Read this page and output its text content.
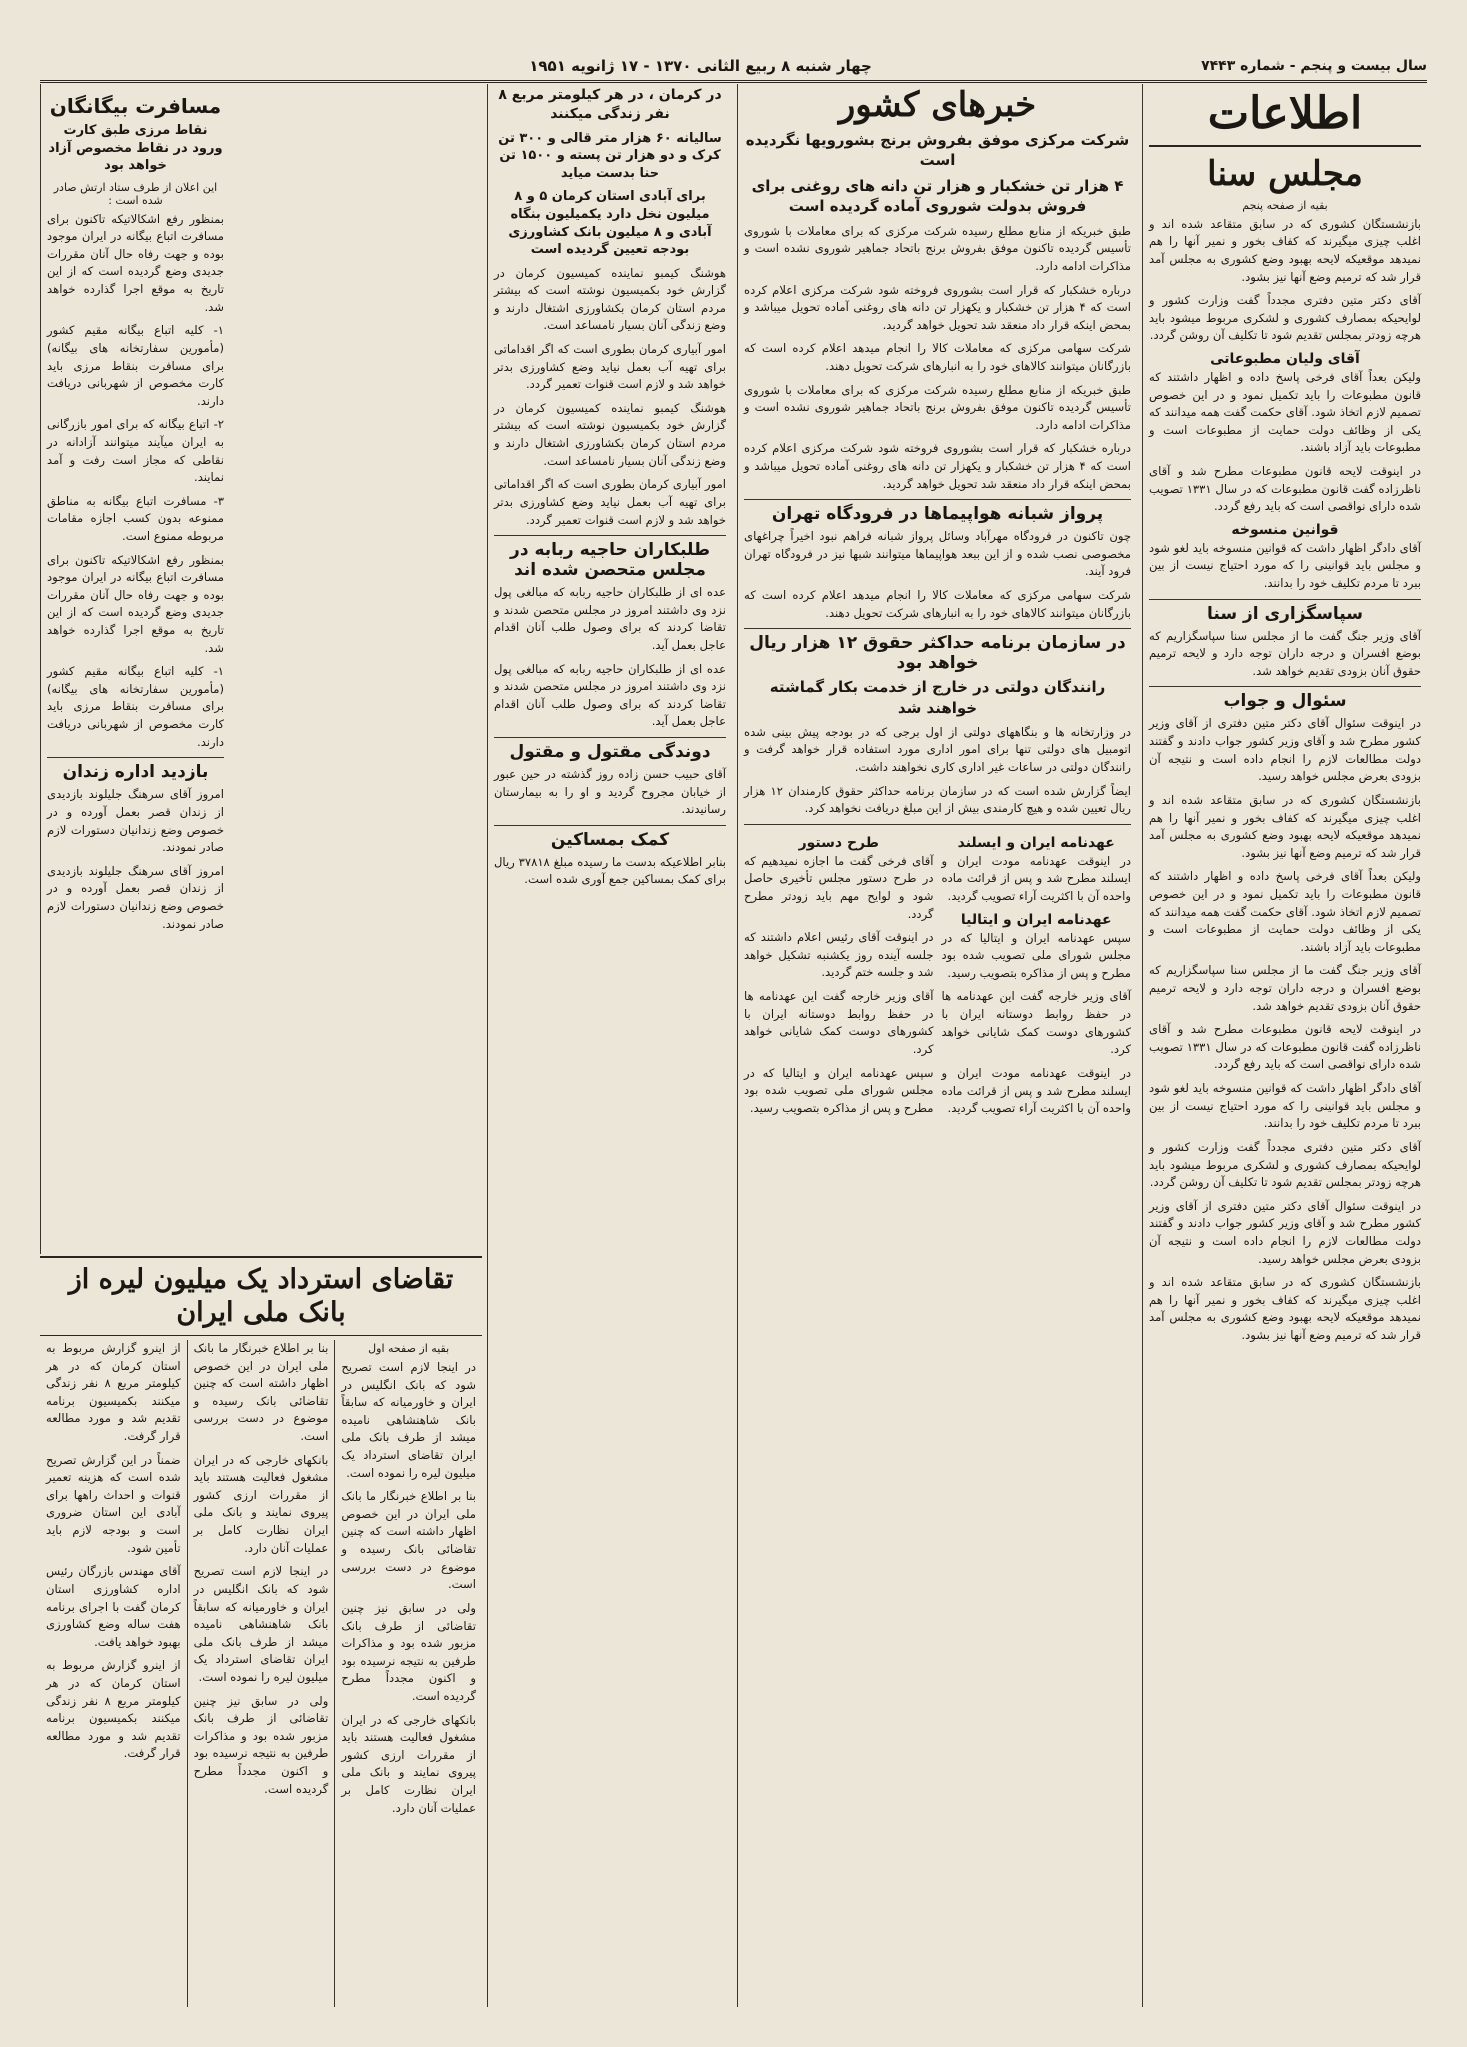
سال بیست و پنجم - شماره ۷۴۴۳
چهار شنبه ۸ ربیع الثانی ۱۳۷۰ - ۱۷ ژانویه ۱۹۵۱
اطلاعات
مجلس سنا
بقیه از صفحه پنجم

بازنشستگان کشوری که در سابق متقاعد شده اند و اغلب چیزی میگیرند که کفاف بخور و نمیر آنها را هم نمیدهد موقعیکه لایحه بهبود وضع کشوری به مجلس آمد قرار شد که ترمیم وضع آنها نیز بشود.

آقای دکتر متین دفتری مجدداً گفت وزارت کشور و لوایحیکه بمصارف کشوری و لشکری مربوط میشود باید هرچه زودتر بمجلس تقدیم شود تا تکلیف آن روشن گردد.

آقای ولیان مطبوعاتی

ولیکن بعداً آقای فرخی پاسخ داده و اظهار داشتند که قانون مطبوعات را باید تکمیل نمود و در این خصوص تصمیم لازم اتخاذ شود. آقای حکمت گفت همه میدانند که یکی از وظائف دولت حمایت از مطبوعات است و مطبوعات باید آزاد باشند.

در اینوقت لایحه قانون مطبوعات مطرح شد و آقای ناظرزاده گفت قانون مطبوعات که در سال ۱۳۳۱ تصویب شده دارای نواقصی است که باید رفع گردد.

قوانین منسوخه

آقای دادگر اظهار داشت که قوانین منسوخه باید لغو شود و مجلس باید قوانینی را که مورد احتیاج نیست از بین ببرد تا مردم تکلیف خود را بدانند.

سپاسگزاری از سنا

آقای وزیر جنگ گفت ما از مجلس سنا سپاسگزاریم که بوضع افسران و درجه داران توجه دارد و لایحه ترمیم حقوق آنان بزودی تقدیم خواهد شد.

سئوال و جواب

در اینوقت سئوال آقای دکتر متین دفتری از آقای وزیر کشور مطرح شد و آقای وزیر کشور جواب دادند و گفتند دولت مطالعات لازم را انجام داده است و نتیجه آن بزودی بعرض مجلس خواهد رسید.

بازنشستگان کشوری که در سابق متقاعد شده اند و اغلب چیزی میگیرند که کفاف بخور و نمیر آنها را هم نمیدهد موقعیکه لایحه بهبود وضع کشوری به مجلس آمد قرار شد که ترمیم وضع آنها نیز بشود.

ولیکن بعداً آقای فرخی پاسخ داده و اظهار داشتند که قانون مطبوعات را باید تکمیل نمود و در این خصوص تصمیم لازم اتخاذ شود. آقای حکمت گفت همه میدانند که یکی از وظائف دولت حمایت از مطبوعات است و مطبوعات باید آزاد باشند.

آقای وزیر جنگ گفت ما از مجلس سنا سپاسگزاریم که بوضع افسران و درجه داران توجه دارد و لایحه ترمیم حقوق آنان بزودی تقدیم خواهد شد.

در اینوقت لایحه قانون مطبوعات مطرح شد و آقای ناظرزاده گفت قانون مطبوعات که در سال ۱۳۳۱ تصویب شده دارای نواقصی است که باید رفع گردد.

آقای دادگر اظهار داشت که قوانین منسوخه باید لغو شود و مجلس باید قوانینی را که مورد احتیاج نیست از بین ببرد تا مردم تکلیف خود را بدانند.

آقای دکتر متین دفتری مجدداً گفت وزارت کشور و لوایحیکه بمصارف کشوری و لشکری مربوط میشود باید هرچه زودتر بمجلس تقدیم شود تا تکلیف آن روشن گردد.

در اینوقت سئوال آقای دکتر متین دفتری از آقای وزیر کشور مطرح شد و آقای وزیر کشور جواب دادند و گفتند دولت مطالعات لازم را انجام داده است و نتیجه آن بزودی بعرض مجلس خواهد رسید.

بازنشستگان کشوری که در سابق متقاعد شده اند و اغلب چیزی میگیرند که کفاف بخور و نمیر آنها را هم نمیدهد موقعیکه لایحه بهبود وضع کشوری به مجلس آمد قرار شد که ترمیم وضع آنها نیز بشود.

خبرهای کشور
شرکت مرکزی موفق بفروش برنج بشورویها نگردیده است
۴ هزار تن خشکبار و هزار تن دانه های روغنی برای فروش بدولت شوروی آماده گردیده است

طبق خبریکه از منابع مطلع رسیده شرکت مرکزی که برای معاملات با شوروی تأسیس گردیده تاکنون موفق بفروش برنج باتحاد جماهیر شوروی نشده است و مذاکرات ادامه دارد.

درباره خشکبار که قرار است بشوروی فروخته شود شرکت مرکزی اعلام کرده است که ۴ هزار تن خشکبار و یکهزار تن دانه های روغنی آماده تحویل میباشد و بمحض اینکه قرار داد منعقد شد تحویل خواهد گردید.

شرکت سهامی مرکزی که معاملات کالا را انجام میدهد اعلام کرده است که بازرگانان میتوانند کالاهای خود را به انبارهای شرکت تحویل دهند.

طبق خبریکه از منابع مطلع رسیده شرکت مرکزی که برای معاملات با شوروی تأسیس گردیده تاکنون موفق بفروش برنج باتحاد جماهیر شوروی نشده است و مذاکرات ادامه دارد.

درباره خشکبار که قرار است بشوروی فروخته شود شرکت مرکزی اعلام کرده است که ۴ هزار تن خشکبار و یکهزار تن دانه های روغنی آماده تحویل میباشد و بمحض اینکه قرار داد منعقد شد تحویل خواهد گردید.

پرواز شبانه هواپیماها در فرودگاه تهران

چون تاکنون در فرودگاه مهرآباد وسائل پرواز شبانه فراهم نبود اخیراً چراغهای مخصوصی نصب شده و از این ببعد هواپیماها میتوانند شبها نیز در فرودگاه تهران فرود آیند.

شرکت سهامی مرکزی که معاملات کالا را انجام میدهد اعلام کرده است که بازرگانان میتوانند کالاهای خود را به انبارهای شرکت تحویل دهند.

در سازمان برنامه حداکثر حقوق ۱۲ هزار ریال خواهد بود
رانندگان دولتی در خارج از خدمت بکار گماشته خواهند شد

در وزارتخانه ها و بنگاههای دولتی از اول برجی که در بودجه پیش بینی شده اتومبیل های دولتی تنها برای امور اداری مورد استفاده قرار خواهد گرفت و رانندگان دولتی در ساعات غیر اداری کاری نخواهند داشت.

ایضاً گزارش شده است که در سازمان برنامه حداکثر حقوق کارمندان ۱۲ هزار ریال تعیین شده و هیچ کارمندی بیش از این مبلغ دریافت نخواهد کرد.

عهدنامه ایران و ایسلند

در اینوقت عهدنامه مودت ایران و ایسلند مطرح شد و پس از قرائت ماده واحده آن با اکثریت آراء تصویب گردید.

عهدنامه ایران و ایتالیا

سپس عهدنامه ایران و ایتالیا که در مجلس شورای ملی تصویب شده بود مطرح و پس از مذاکره بتصویب رسید.

آقای وزیر خارجه گفت این عهدنامه ها در حفظ روابط دوستانه ایران با کشورهای دوست کمک شایانی خواهد کرد.

در اینوقت عهدنامه مودت ایران و ایسلند مطرح شد و پس از قرائت ماده واحده آن با اکثریت آراء تصویب گردید.

طرح دستور

آقای فرخی گفت ما اجازه نمیدهیم که در طرح دستور مجلس تأخیری حاصل شود و لوایح مهم باید زودتر مطرح گردد.

در اینوقت آقای رئیس اعلام داشتند که جلسه آینده روز یکشنبه تشکیل خواهد شد و جلسه ختم گردید.

آقای وزیر خارجه گفت این عهدنامه ها در حفظ روابط دوستانه ایران با کشورهای دوست کمک شایانی خواهد کرد.

سپس عهدنامه ایران و ایتالیا که در مجلس شورای ملی تصویب شده بود مطرح و پس از مذاکره بتصویب رسید.

در کرمان ، در هر کیلومتر مربع ۸ نفر زندگی میکنند
سالیانه ۶۰ هزار متر قالی و ۳۰۰ تن کرک و دو هزار تن پسته و ۱۵۰۰ تن حنا بدست میاید
برای آبادی استان کرمان ۵ و ۸ میلیون نخل دارد یکمیلیون بنگاه آبادی و ۸ میلیون بانک کشاورزی بودجه تعیین گردیده است

هوشنگ کیمبو نماینده کمیسیون کرمان در گزارش خود بکمیسیون نوشته است که بیشتر مردم استان کرمان بکشاورزی اشتغال دارند و وضع زندگی آنان بسیار نامساعد است.

امور آبیاری کرمان بطوری است که اگر اقداماتی برای تهیه آب بعمل نیاید وضع کشاورزی بدتر خواهد شد و لازم است قنوات تعمیر گردد.

هوشنگ کیمبو نماینده کمیسیون کرمان در گزارش خود بکمیسیون نوشته است که بیشتر مردم استان کرمان بکشاورزی اشتغال دارند و وضع زندگی آنان بسیار نامساعد است.

امور آبیاری کرمان بطوری است که اگر اقداماتی برای تهیه آب بعمل نیاید وضع کشاورزی بدتر خواهد شد و لازم است قنوات تعمیر گردد.

طلبکاران حاجیه ربابه در مجلس متحصن شده اند

عده ای از طلبکاران حاجیه ربابه که مبالغی پول نزد وی داشتند امروز در مجلس متحصن شدند و تقاضا کردند که برای وصول طلب آنان اقدام عاجل بعمل آید.

عده ای از طلبکاران حاجیه ربابه که مبالغی پول نزد وی داشتند امروز در مجلس متحصن شدند و تقاضا کردند که برای وصول طلب آنان اقدام عاجل بعمل آید.

دوندگی مقتول و مقتول

آقای حبیب حسن زاده روز گذشته در حین عبور از خیابان مجروح گردید و او را به بیمارستان رسانیدند.

کمک بمساکین

بنابر اطلاعیکه بدست ما رسیده مبلغ ۳۷۸۱۸ ریال برای کمک بمساکین جمع آوری شده است.

مسافرت بیگانگان
نقاط مرزی طبق کارت ورود در نقاط مخصوص آزاد خواهد بود
این اعلان از طرف ستاد ارتش صادر شده است :

بمنظور رفع اشکالاتیکه تاکنون برای مسافرت اتباع بیگانه در ایران موجود بوده و جهت رفاه حال آنان مقررات جدیدی وضع گردیده است که از این تاریخ به موقع اجرا گذارده خواهد شد.

۱- کلیه اتباع بیگانه مقیم کشور (مأمورین سفارتخانه های بیگانه) برای مسافرت بنقاط مرزی باید کارت مخصوص از شهربانی دریافت دارند.

۲- اتباع بیگانه که برای امور بازرگانی به ایران میآیند میتوانند آزادانه در نقاطی که مجاز است رفت و آمد نمایند.

۳- مسافرت اتباع بیگانه به مناطق ممنوعه بدون کسب اجازه مقامات مربوطه ممنوع است.

بمنظور رفع اشکالاتیکه تاکنون برای مسافرت اتباع بیگانه در ایران موجود بوده و جهت رفاه حال آنان مقررات جدیدی وضع گردیده است که از این تاریخ به موقع اجرا گذارده خواهد شد.

۱- کلیه اتباع بیگانه مقیم کشور (مأمورین سفارتخانه های بیگانه) برای مسافرت بنقاط مرزی باید کارت مخصوص از شهربانی دریافت دارند.

بازدید اداره زندان

امروز آقای سرهنگ جلیلوند بازدیدی از زندان قصر بعمل آورده و در خصوص وضع زندانیان دستورات لازم صادر نمودند.

امروز آقای سرهنگ جلیلوند بازدیدی از زندان قصر بعمل آورده و در خصوص وضع زندانیان دستورات لازم صادر نمودند.

تقاضای استرداد یک میلیون لیره از بانک ملی ایران
بقیه از صفحه اول

در اینجا لازم است تصریح شود که بانک انگلیس در ایران و خاورمیانه که سابقاً بانک شاهنشاهی نامیده میشد از طرف بانک ملی ایران تقاضای استرداد یک میلیون لیره را نموده است.

بنا بر اطلاع خبرنگار ما بانک ملی ایران در این خصوص اظهار داشته است که چنین تقاضائی بانک رسیده و موضوع در دست بررسی است.

ولی در سابق نیز چنین تقاضائی از طرف بانک مزبور شده بود و مذاکرات طرفین به نتیجه نرسیده بود و اکنون مجدداً مطرح گردیده است.

بانکهای خارجی که در ایران مشغول فعالیت هستند باید از مقررات ارزی کشور پیروی نمایند و بانک ملی ایران نظارت کامل بر عملیات آنان دارد.

بنا بر اطلاع خبرنگار ما بانک ملی ایران در این خصوص اظهار داشته است که چنین تقاضائی بانک رسیده و موضوع در دست بررسی است.

بانکهای خارجی که در ایران مشغول فعالیت هستند باید از مقررات ارزی کشور پیروی نمایند و بانک ملی ایران نظارت کامل بر عملیات آنان دارد.

در اینجا لازم است تصریح شود که بانک انگلیس در ایران و خاورمیانه که سابقاً بانک شاهنشاهی نامیده میشد از طرف بانک ملی ایران تقاضای استرداد یک میلیون لیره را نموده است.

ولی در سابق نیز چنین تقاضائی از طرف بانک مزبور شده بود و مذاکرات طرفین به نتیجه نرسیده بود و اکنون مجدداً مطرح گردیده است.

از اینرو گزارش مربوط به استان کرمان که در هر کیلومتر مربع ۸ نفر زندگی میکنند بکمیسیون برنامه تقدیم شد و مورد مطالعه قرار گرفت.

ضمناً در این گزارش تصریح شده است که هزینه تعمیر قنوات و احداث راهها برای آبادی این استان ضروری است و بودجه لازم باید تأمین شود.

آقای مهندس بازرگان رئیس اداره کشاورزی استان کرمان گفت با اجرای برنامه هفت ساله وضع کشاورزی بهبود خواهد یافت.

از اینرو گزارش مربوط به استان کرمان که در هر کیلومتر مربع ۸ نفر زندگی میکنند بکمیسیون برنامه تقدیم شد و مورد مطالعه قرار گرفت.
